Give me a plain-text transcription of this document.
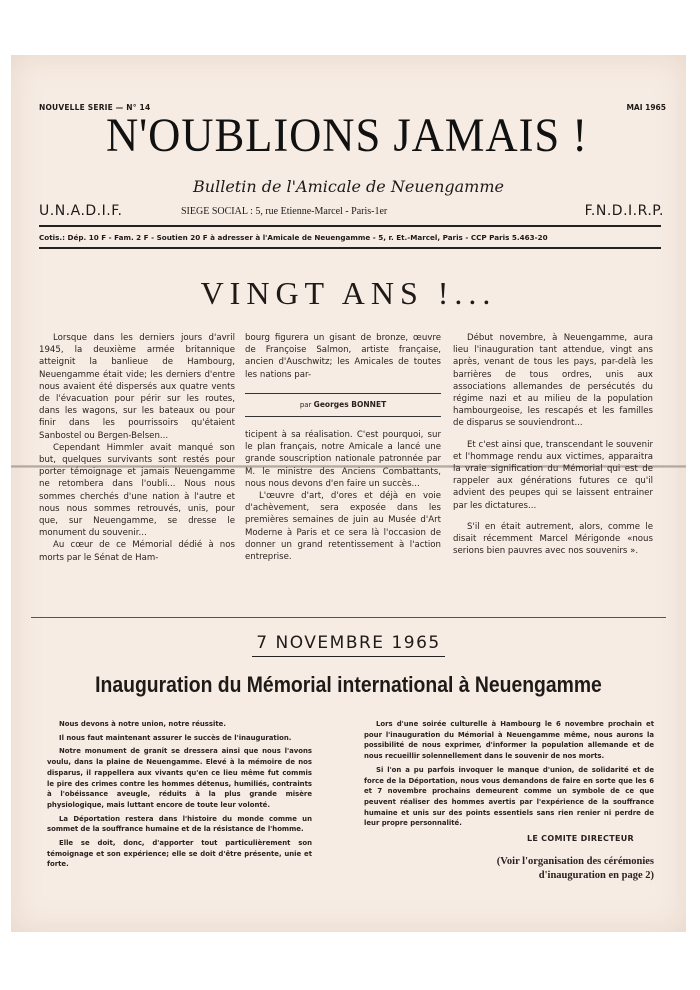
NOUVELLE SERIE — N° 14	MAI 1965
N'OUBLIONS JAMAIS !
Bulletin de l'Amicale de Neuengamme
U.N.A.D.I.F.	SIEGE SOCIAL : 5, rue Etienne-Marcel - Paris-1er	F.N.D.I.R.P.
Cotis.: Dép. 10 F - Fam. 2 F - Soutien 20 F à adresser à l'Amicale de Neuengamme - 5, r. Et.-Marcel, Paris - CCP Paris 5.463-20
VINGT ANS !...

Lorsque dans les derniers jours d'avril 1945, la deuxième armée britannique atteignit la banlieue de Hambourg, Neuengamme était vide; les derniers d'entre nous avaient été dispersés aux quatre vents de l'évacuation pour périr sur les routes, dans les wagons, sur les bateaux ou pour finir dans les pourrissoirs qu'étaient Sanbostel ou Bergen-Belsen...

Cependant Himmler avait manqué son but, quelques survivants sont restés pour porter témoignage et jamais Neuengamme ne retombera dans l'oubli... Nous nous sommes cherchés d'une nation à l'autre et nous nous sommes retrouvés, unis, pour que, sur Neuengamme, se dresse le monument du souvenir...

Au cœur de ce Mémorial dédié à nos morts par le Sénat de Ham-

bourg figurera un gisant de bronze, œuvre de Françoise Salmon, artiste française, ancien d'Auschwitz; les Amicales de toutes les nations par-

par Georges BONNET

ticipent à sa réalisation. C'est pourquoi, sur le plan français, notre Amicale a lancé une grande souscription nationale patronnée par M. le ministre des Anciens Combattants, nous nous devons d'en faire un succès...

L'œuvre d'art, d'ores et déjà en voie d'achèvement, sera exposée dans les premières semaines de juin au Musée d'Art Moderne à Paris et ce sera là l'occasion de donner un grand retentissement à l'action entreprise.

Début novembre, à Neuengamme, aura lieu l'inauguration tant attendue, vingt ans après, venant de tous les pays, par-delà les barrières de tous ordres, unis aux associations allemandes de persécutés du régime nazi et au milieu de la population hambourgeoise, les rescapés et les familles de disparus se souviendront...

Et c'est ainsi que, transcendant le souvenir et l'hommage rendu aux victimes, apparaitra la vraie signification du Mémorial qui est de rappeler aux générations futures ce qu'il advient des peupes qui se laissent entrainer par les dictatures...

S'il en était autrement, alors, comme le disait récemment Marcel Mérigonde «nous serions bien pauvres avec nos souvenirs ».

7 NOVEMBRE 1965
Inauguration du Mémorial international à Neuengamme

Nous devons à notre union, notre réussite.

Il nous faut maintenant assurer le succès de l'inauguration.

Notre monument de granit se dressera ainsi que nous l'avons voulu, dans la plaine de Neuengamme. Elevé à la mémoire de nos disparus, il rappellera aux vivants qu'en ce lieu même fut commis le pire des crimes contre les hommes détenus, humiliés, contraints à l'obéissance aveugle, réduits à la plus grande misère physiologique, mais luttant encore de toute leur volonté.

La Déportation restera dans l'histoire du monde comme un sommet de la souffrance humaine et de la résistance de l'homme.

Elle se doit, donc, d'apporter tout particulièrement son témoignage et son expérience; elle se doit d'être présente, unie et forte.

Lors d'une soirée culturelle à Hambourg le 6 novembre prochain et pour l'inauguration du Mémorial à Neuengamme même, nous aurons la possibilité de nous exprimer, d'informer la population allemande et de nous recueillir solennellement dans le souvenir de nos morts.

Si l'on a pu parfois invoquer le manque d'union, de solidarité et de force de la Déportation, nous vous demandons de faire en sorte que les 6 et 7 novembre prochains demeurent comme un symbole de ce que peuvent réaliser des hommes avertis par l'expérience de la souffrance humaine et unis sur des points essentiels sans rien renier ni perdre de leur propre personnalité.

LE COMITE DIRECTEUR
(Voir l'organisation des cérémonies
d'inauguration en page 2)
